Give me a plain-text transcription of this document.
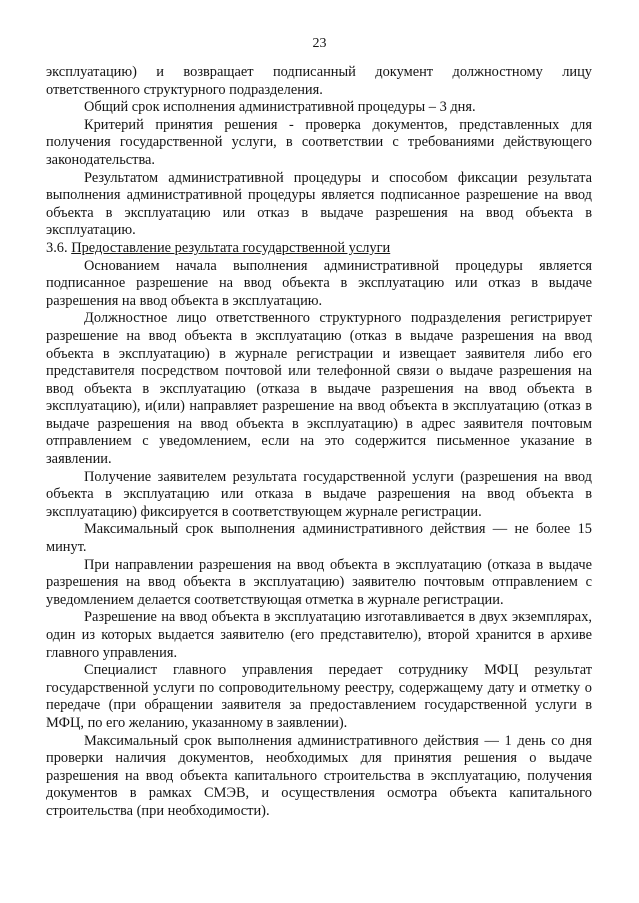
23

эксплуатацию) и возвращает подписанный документ должностному лицу ответственного структурного подразделения.

Общий срок исполнения административной процедуры – 3 дня.

Критерий принятия решения - проверка документов, представленных для получения государственной услуги, в соответствии с требованиями действующего законодательства.

Результатом административной процедуры и способом фиксации результата выполнения административной процедуры является подписанное разрешение на ввод объекта в эксплуатацию или отказ в выдаче разрешения на ввод объекта в эксплуатацию.

3.6. Предоставление результата государственной услуги

Основанием начала выполнения административной процедуры является подписанное разрешение на ввод объекта в эксплуатацию или отказ в выдаче разрешения на ввод объекта в эксплуатацию.

Должностное лицо ответственного структурного подразделения регистрирует разрешение на ввод объекта в эксплуатацию (отказ в выдаче разрешения на ввод объекта в эксплуатацию) в журнале регистрации и извещает заявителя либо его представителя посредством почтовой или телефонной связи о выдаче разрешения на ввод объекта в эксплуатацию (отказа в выдаче разрешения на ввод объекта в эксплуатацию), и(или) направляет разрешение на ввод объекта в эксплуатацию (отказ в выдаче разрешения на ввод объекта в эксплуатацию) в адрес заявителя почтовым отправлением с уведомлением, если на это содержится письменное указание в заявлении.

Получение заявителем результата государственной услуги (разрешения на ввод объекта в эксплуатацию или отказа в выдаче разрешения на ввод объекта в эксплуатацию) фиксируется в соответствующем журнале регистрации.

Максимальный срок выполнения административного действия — не более 15 минут.

При направлении разрешения на ввод объекта в эксплуатацию (отказа в выдаче разрешения на ввод объекта в эксплуатацию) заявителю почтовым отправлением с уведомлением делается соответствующая отметка в журнале регистрации.

Разрешение на ввод объекта в эксплуатацию изготавливается в двух экземплярах, один из которых выдается заявителю (его представителю), второй хранится в архиве главного управления.

Специалист главного управления передает сотруднику МФЦ результат государственной услуги по сопроводительному реестру, содержащему дату и отметку о передаче (при обращении заявителя за предоставлением государственной услуги в МФЦ, по его желанию, указанному в заявлении).

Максимальный срок выполнения административного действия — 1 день со дня проверки наличия документов, необходимых для принятия решения о выдаче разрешения на ввод объекта капитального строительства в эксплуатацию, получения документов в рамках СМЭВ, и осуществления осмотра объекта капитального строительства (при необходимости).
